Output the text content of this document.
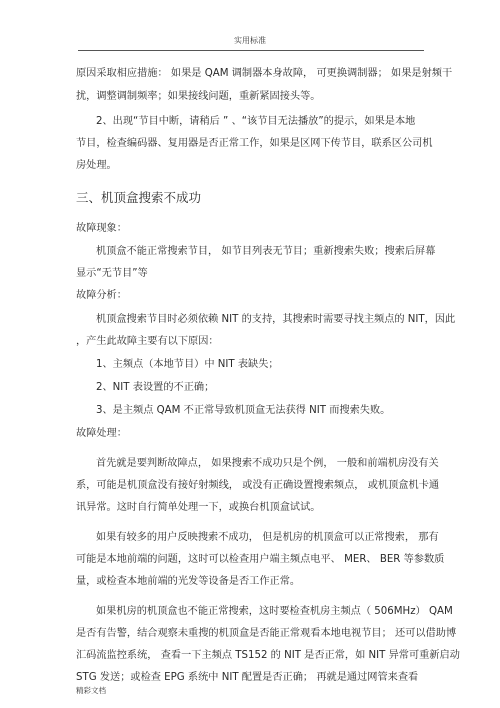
实用标准
原因采取相应措施： 如果是 QAM 调制器本身故障， 可更换调制器； 如果是射频干
扰，调整调制频率；如果接线问题，重新紧固接头等。
2、出现“节目中断，请稍后 ” 、“该节目无法播放”的提示，如果是本地
节目，检查编码器、复用器是否正常工作，如果是区网下传节目，联系区公司机
房处理。
三、机顶盒搜索不成功
故障现象：
机顶盒不能正常搜索节目， 如节目列表无节目；重新搜索失败；搜索后屏幕
显示“无节目”等
故障分析：
机顶盒搜索节目时必须依赖 NIT 的支持，其搜索时需要寻找主频点的 NIT，因此
，产生此故障主要有以下原因：
1、主频点（本地节目）中 NIT 表缺失；
2、NIT 表设置的不正确；
3、是主频点 QAM 不正常导致机顶盒无法获得 NIT 而搜索失败。
故障处理：
首先就是要判断故障点， 如果搜索不成功只是个例， 一般和前端机房没有关
系，可能是机顶盒没有接好射频线， 或没有正确设置搜索频点， 或机顶盒机卡通
讯异常。这时自行简单处理一下，或换台机顶盒试试。
如果有较多的用户反映搜索不成功， 但是机房的机顶盒可以正常搜索， 那有
可能是本地前端的问题，这时可以检查用户端主频点电平、 MER、 BER 等参数质
量，或检查本地前端的光发等设备是否工作正常。
如果机房的机顶盒也不能正常搜索，这时要检查机房主频点（ 506MHz） QAM
是否有告警，结合观察未重搜的机顶盒是否能正常观看本地电视节目； 还可以借助博
汇码流监控系统， 查看一下主频点 TS152 的 NIT 是否正常，如 NIT 异常可重新启动
STG 发送；或检查 EPG 系统中 NIT 配置是否正确； 再就是通过网管来查看
精彩文档
